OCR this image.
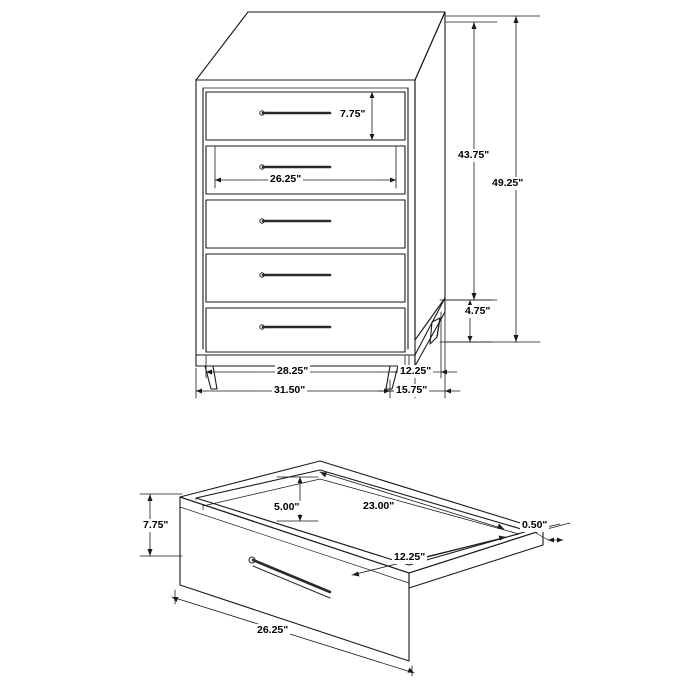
7.75"
26.25"
43.75"
49.25"
4.75"
28.25"
31.50"
12.25"
15.75"
5.00"
7.75"
23.00"
12.25"
0.50"
26.25"
